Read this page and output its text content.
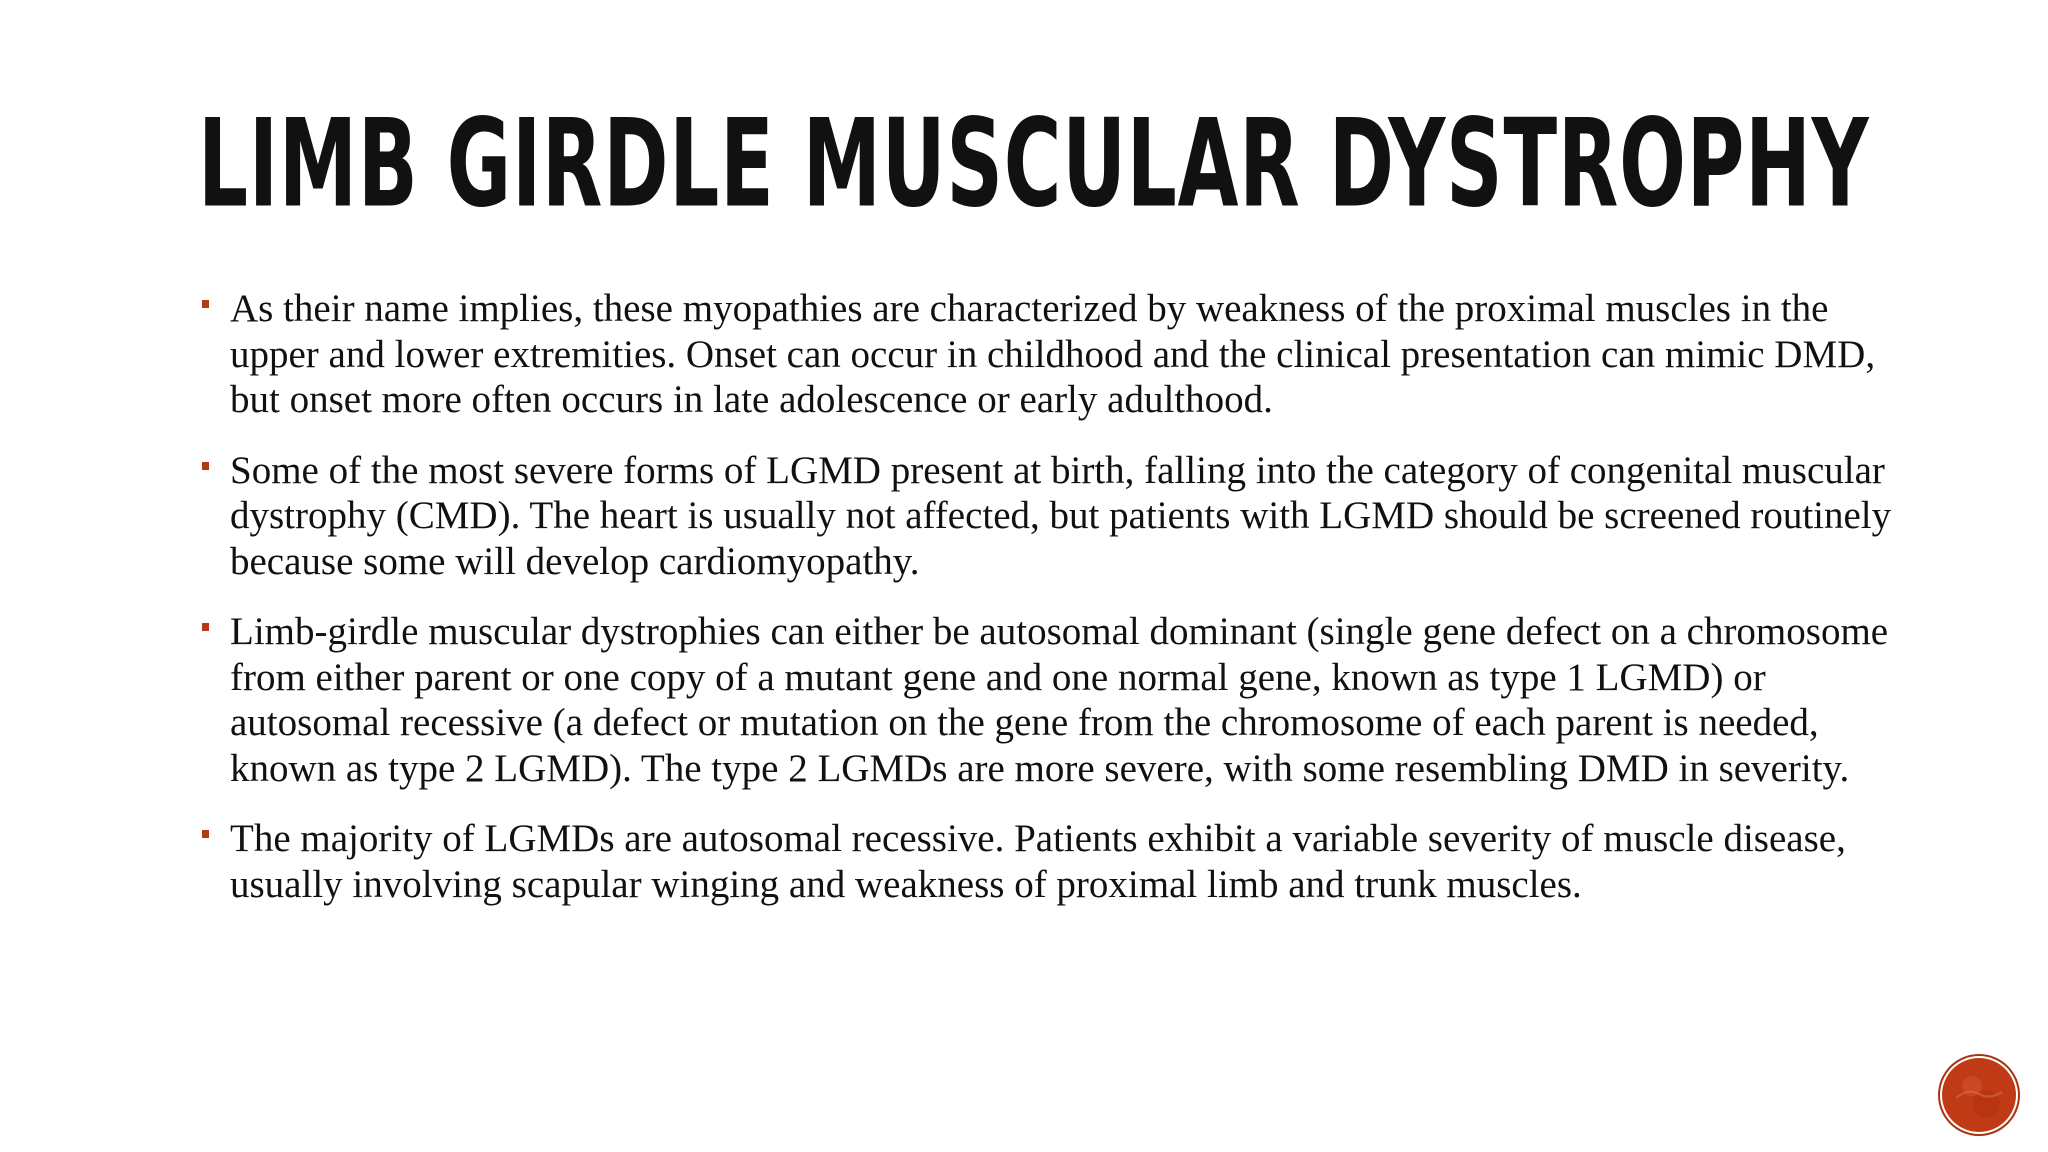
LIMB GIRDLE MUSCULAR DYSTROPHY
As their name implies, these myopathies are characterized by weakness of the proximal muscles in the upper and lower extremities. Onset can occur in childhood and the clinical presentation can mimic DMD, but onset more often occurs in late adolescence or early adulthood.
Some of the most severe forms of LGMD present at birth, falling into the category of congenital muscular dystrophy (CMD). The heart is usually not affected, but patients with LGMD should be screened routinely because some will develop cardiomyopathy.
Limb-girdle muscular dystrophies can either be autosomal dominant (single gene defect on a chromosome from either parent or one copy of a mutant gene and one normal gene, known as type 1 LGMD) or autosomal recessive (a defect or mutation on the gene from the chromosome of each parent is needed, known as type 2 LGMD). The type 2 LGMDs are more severe, with some resembling DMD in severity.
The majority of LGMDs are autosomal recessive. Patients exhibit a variable severity of muscle disease, usually involving scapular winging and weakness of proximal limb and trunk muscles.
